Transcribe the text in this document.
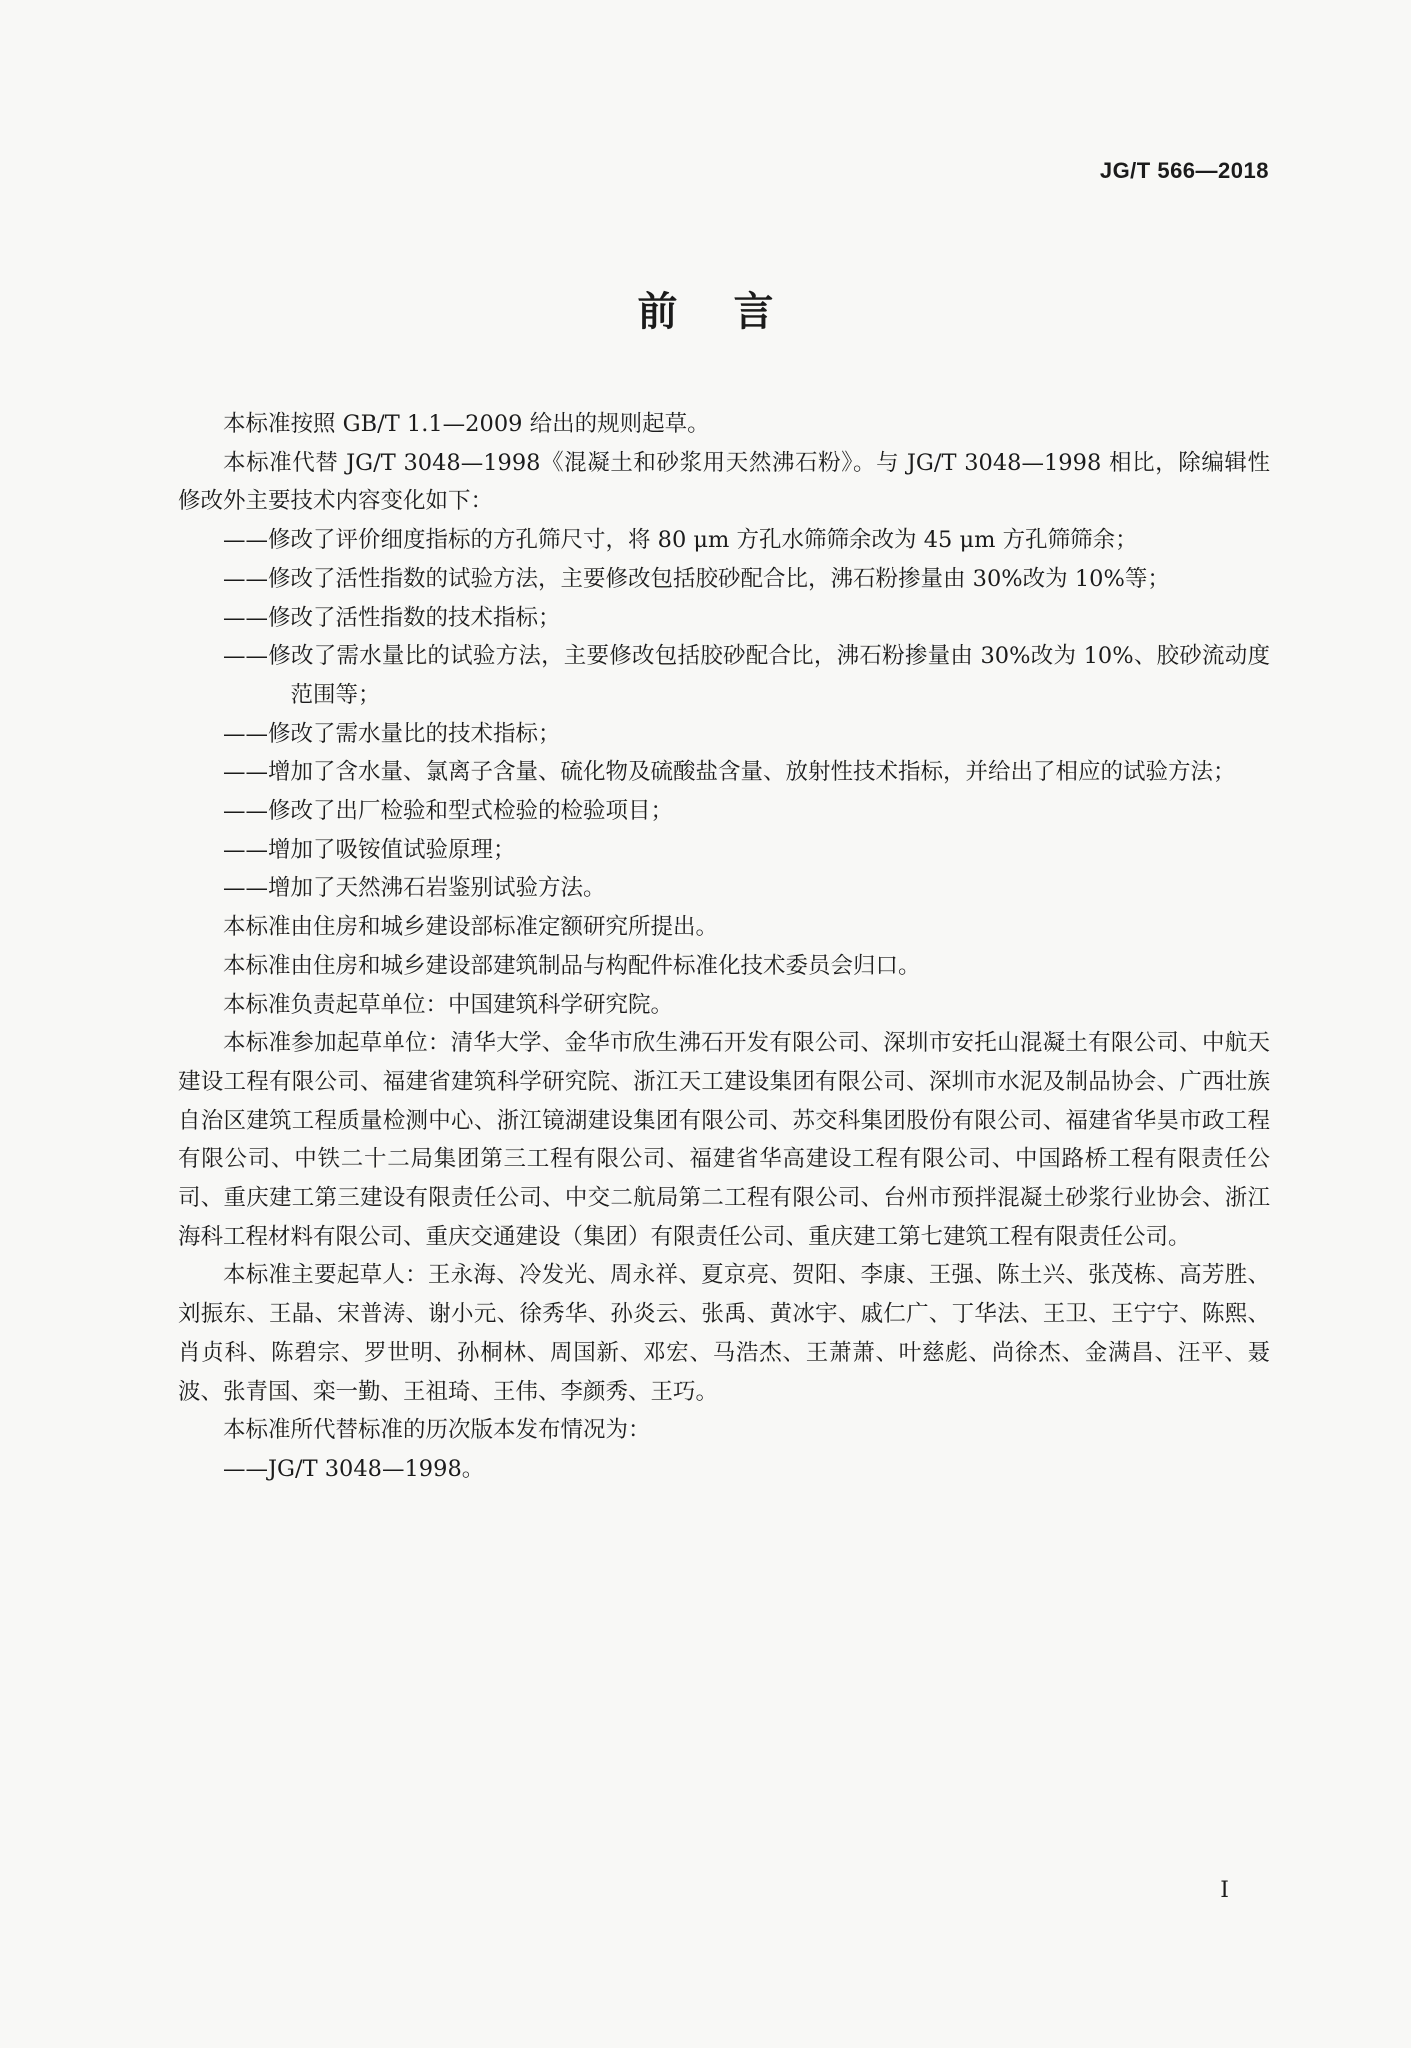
JG/T 566—2018
前言

本标准按照 GB/T 1.1—2009 给出的规则起草。

本标准代替 JG/T 3048—1998《混凝土和砂浆用天然沸石粉》。与 JG/T 3048—1998 相比，除编辑性修改外主要技术内容变化如下：

——修改了评价细度指标的方孔筛尺寸，将 80 μm 方孔水筛筛余改为 45 μm 方孔筛筛余；

——修改了活性指数的试验方法，主要修改包括胶砂配合比，沸石粉掺量由 30%改为 10%等；

——修改了活性指数的技术指标；

——修改了需水量比的试验方法，主要修改包括胶砂配合比，沸石粉掺量由 30%改为 10%、胶砂流动度范围等；

——修改了需水量比的技术指标；

——增加了含水量、氯离子含量、硫化物及硫酸盐含量、放射性技术指标，并给出了相应的试验方法；

——修改了出厂检验和型式检验的检验项目；

——增加了吸铵值试验原理；

——增加了天然沸石岩鉴别试验方法。

本标准由住房和城乡建设部标准定额研究所提出。

本标准由住房和城乡建设部建筑制品与构配件标准化技术委员会归口。

本标准负责起草单位：中国建筑科学研究院。

本标准参加起草单位：清华大学、金华市欣生沸石开发有限公司、深圳市安托山混凝土有限公司、中航天建设工程有限公司、福建省建筑科学研究院、浙江天工建设集团有限公司、深圳市水泥及制品协会、广西壮族自治区建筑工程质量检测中心、浙江镜湖建设集团有限公司、苏交科集团股份有限公司、福建省华昊市政工程有限公司、中铁二十二局集团第三工程有限公司、福建省华高建设工程有限公司、中国路桥工程有限责任公司、重庆建工第三建设有限责任公司、中交二航局第二工程有限公司、台州市预拌混凝土砂浆行业协会、浙江海科工程材料有限公司、重庆交通建设（集团）有限责任公司、重庆建工第七建筑工程有限责任公司。

本标准主要起草人：王永海、冷发光、周永祥、夏京亮、贺阳、李康、王强、陈土兴、张茂栋、高芳胜、刘振东、王晶、宋普涛、谢小元、徐秀华、孙炎云、张禹、黄冰宇、戚仁广、丁华法、王卫、王宁宁、陈熙、肖贞科、陈碧宗、罗世明、孙桐林、周国新、邓宏、马浩杰、王萧萧、叶慈彪、尚徐杰、金满昌、汪平、聂波、张青国、栾一勤、王祖琦、王伟、李颜秀、王巧。

本标准所代替标准的历次版本发布情况为：

——JG/T 3048—1998。

I
